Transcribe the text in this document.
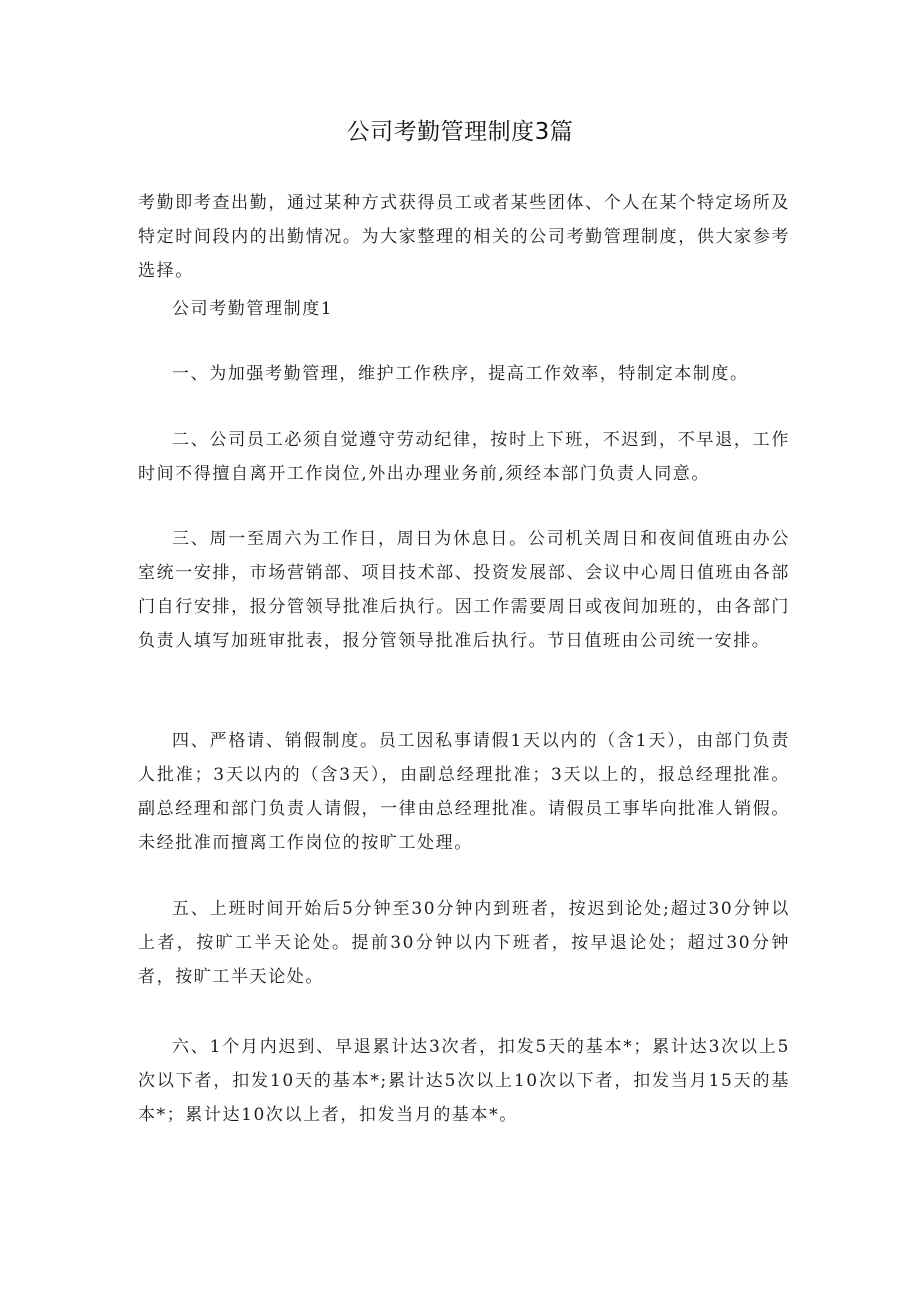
公司考勤管理制度3篇

考勤即考查出勤，通过某种方式获得员工或者某些团体、个人在某个特定场所及特定时间段内的出勤情况。为大家整理的相关的公司考勤管理制度，供大家参考选择。

公司考勤管理制度1

一、为加强考勤管理，维护工作秩序，提高工作效率，特制定本制度。

二、公司员工必须自觉遵守劳动纪律，按时上下班，不迟到，不早退，工作时间不得擅自离开工作岗位,外出办理业务前,须经本部门负责人同意。

三、周一至周六为工作日，周日为休息日。公司机关周日和夜间值班由办公室统一安排，市场营销部、项目技术部、投资发展部、会议中心周日值班由各部门自行安排，报分管领导批准后执行。因工作需要周日或夜间加班的，由各部门负责人填写加班审批表，报分管领导批准后执行。节日值班由公司统一安排。

四、严格请、销假制度。员工因私事请假1天以内的（含1天），由部门负责人批准；3天以内的（含3天），由副总经理批准；3天以上的，报总经理批准。副总经理和部门负责人请假，一律由总经理批准。请假员工事毕向批准人销假。未经批准而擅离工作岗位的按旷工处理。

五、上班时间开始后5分钟至30分钟内到班者，按迟到论处;超过30分钟以上者，按旷工半天论处。提前30分钟以内下班者，按早退论处；超过30分钟者，按旷工半天论处。

六、1个月内迟到、早退累计达3次者，扣发5天的基本*；累计达3次以上5次以下者，扣发10天的基本*;累计达5次以上10次以下者，扣发当月15天的基本*；累计达10次以上者，扣发当月的基本*。
